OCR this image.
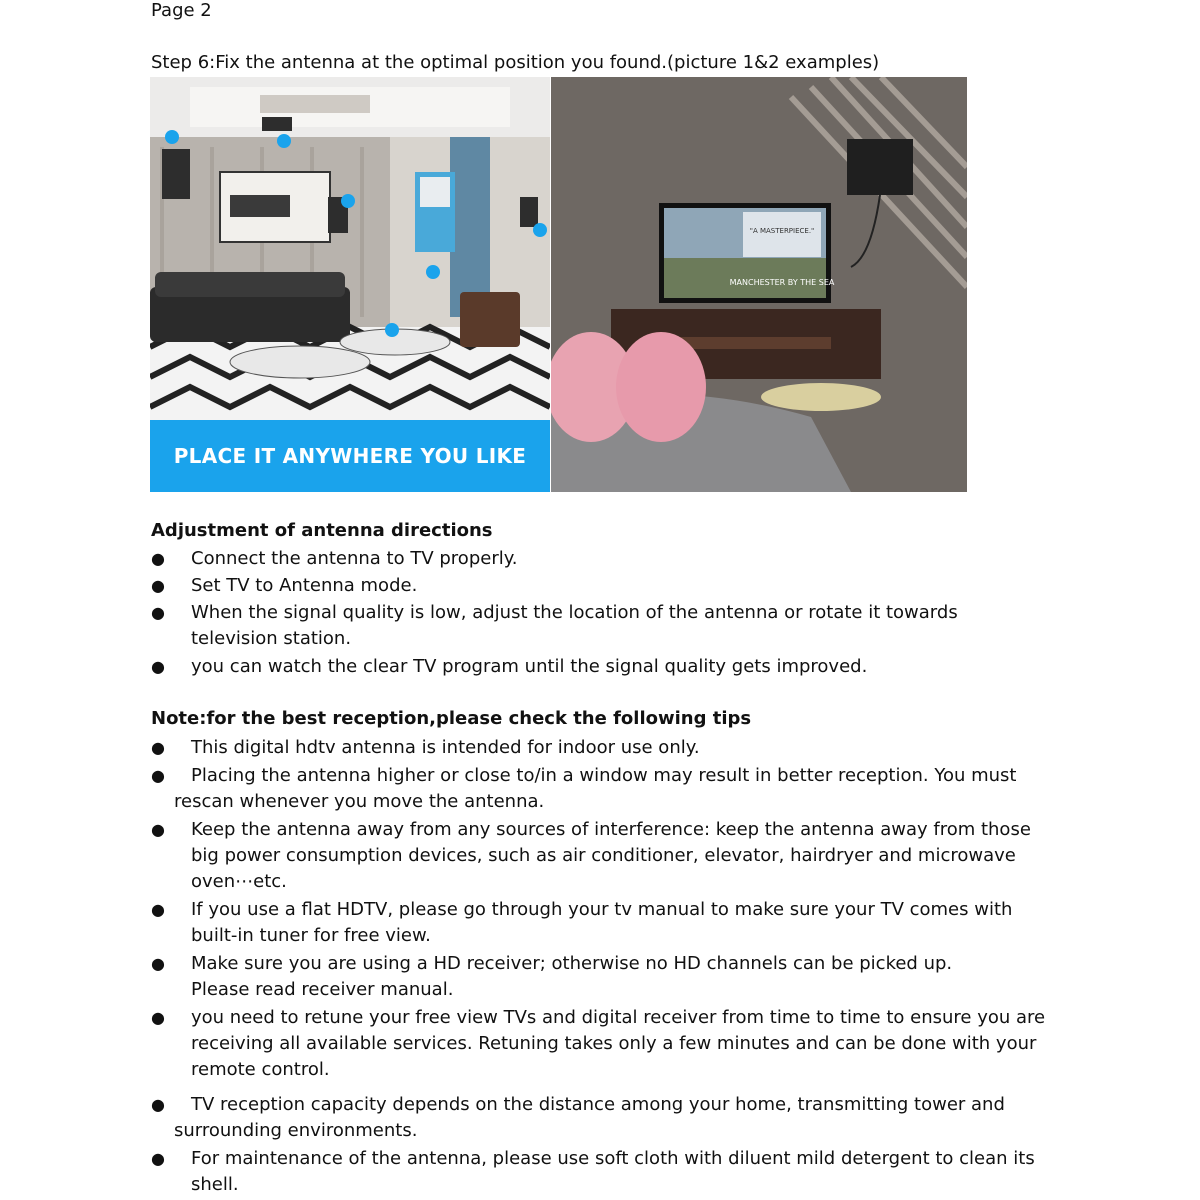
Page 2
Step 6:Fix the antenna at the optimal position you found.(picture 1&2 examples)
PLACE IT ANYWHERE YOU LIKE
"A MASTERPIECE."
MANCHESTER BY THE SEA
Adjustment of antenna directions
●	Connect the antenna to TV properly.
●	Set TV to Antenna mode.
●	When the signal quality is low, adjust the location of the antenna or rotate it towards television station.
●	you can watch the clear TV program until the signal quality gets improved.
Note:for the best reception,please check the following tips
●	This digital hdtv antenna is intended for indoor use only.
●	Placing the antenna higher or close to/in a window may result in better reception. You must rescan whenever you move the antenna.
●	Keep the antenna away from any sources of interference: keep the antenna away from those big power consumption devices, such as air conditioner, elevator, hairdryer and microwave oven⋯etc.
●	If you use a flat HDTV, please go through your tv manual to make sure your TV comes with built-in tuner for free view.
●	Make sure you are using a HD receiver; otherwise no HD channels can be picked up. Please read receiver manual.
●	you need to retune your free view TVs and digital receiver from time to time to ensure you are receiving all available services. Retuning takes only a few minutes and can be done with your remote control.
●	TV reception capacity depends on the distance among your home, transmitting tower and surrounding environments.
●	For maintenance of the antenna, please use soft cloth with diluent mild detergent to clean its shell.
